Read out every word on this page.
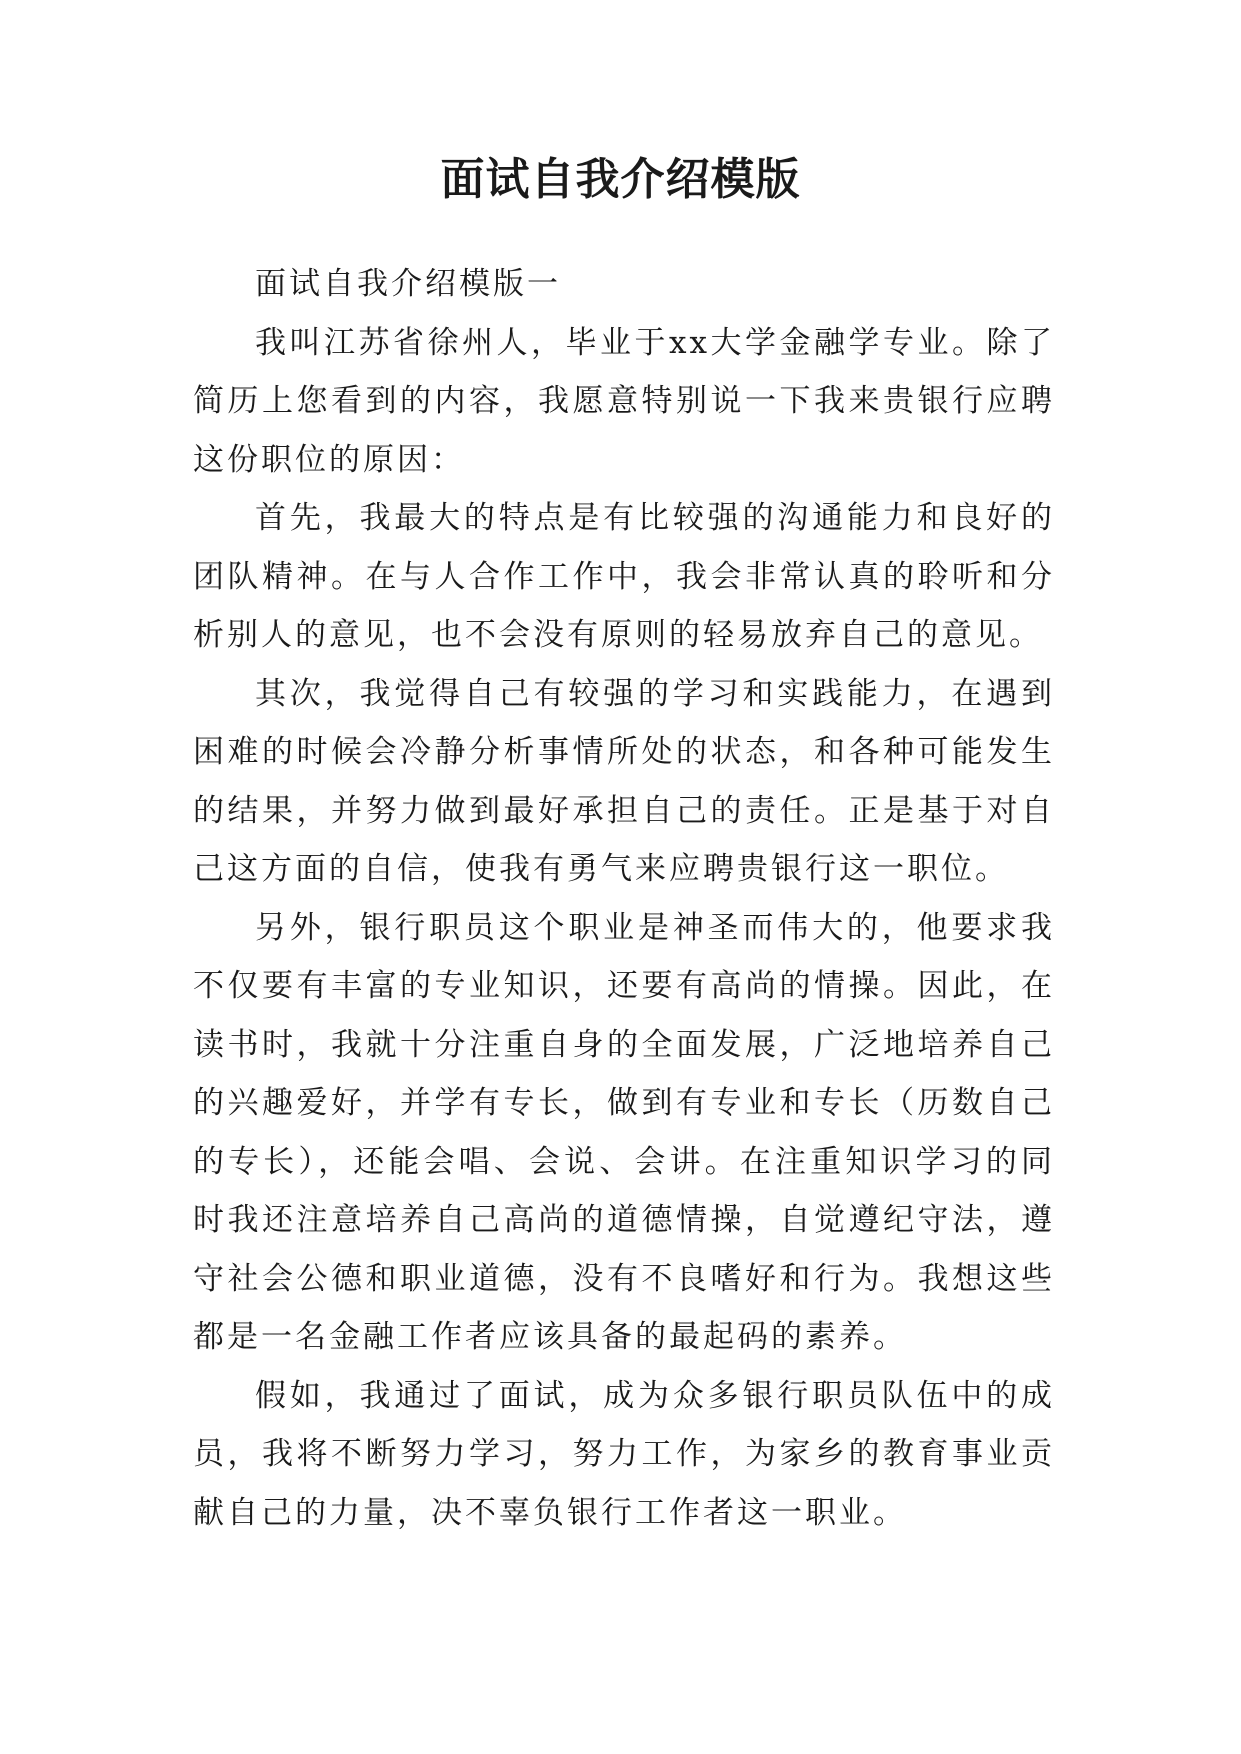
面试自我介绍模版

面试自我介绍模版一

我叫江苏省徐州人，毕业于xx大学金融学专业。除了简历上您看到的内容，我愿意特别说一下我来贵银行应聘这份职位的原因：

首先，我最大的特点是有比较强的沟通能力和良好的团队精神。在与人合作工作中，我会非常认真的聆听和分析别人的意见，也不会没有原则的轻易放弃自己的意见。

其次，我觉得自己有较强的学习和实践能力，在遇到困难的时候会冷静分析事情所处的状态，和各种可能发生的结果，并努力做到最好承担自己的责任。正是基于对自己这方面的自信，使我有勇气来应聘贵银行这一职位。

另外，银行职员这个职业是神圣而伟大的，他要求我不仅要有丰富的专业知识，还要有高尚的情操。因此，在读书时，我就十分注重自身的全面发展，广泛地培养自己的兴趣爱好，并学有专长，做到有专业和专长（历数自己的专长），还能会唱、会说、会讲。在注重知识学习的同时我还注意培养自己高尚的道德情操，自觉遵纪守法，遵守社会公德和职业道德，没有不良嗜好和行为。我想这些都是一名金融工作者应该具备的最起码的素养。

假如，我通过了面试，成为众多银行职员队伍中的成员，我将不断努力学习，努力工作，为家乡的教育事业贡献自己的力量，决不辜负银行工作者这一职业。
